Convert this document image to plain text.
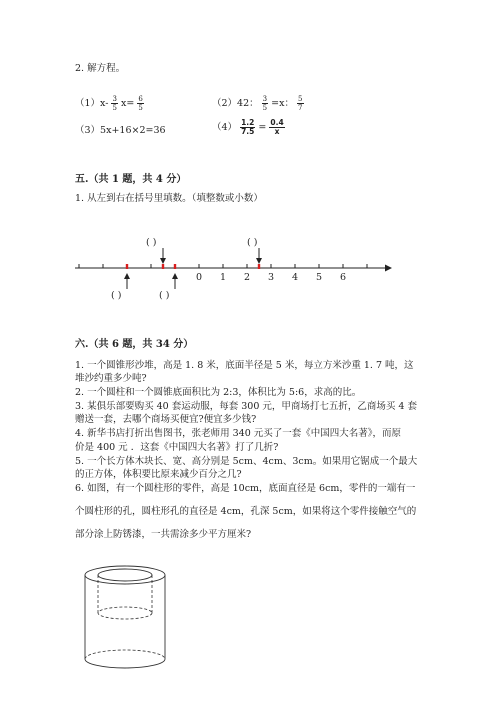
2. 解方程。
$(1)x- \frac{3}{5} x= \frac{6}{5}$	（2）42： $\frac{3}{5} =x$： $\frac{5}{7}$
（3）5x+16×2=36	$(4) \frac{1.2}{7.5} = \frac{0.4}{x}$
五.（共 1 题，共 4 分）
1. 从左到右在括号里填数。（填整数或小数）
( )	( )
( )	( )
0 1 2 3 4 5 6
六.（共 6 题，共 34 分）
1. 一个圆锥形沙堆，高是 1. 8 米，底面半径是 5 米，每立方米沙重 1. 7 吨，这
堆沙约重多少吨?
2. 一个圆柱和一个圆锥底面积比为 2:3，体积比为 5:6，求高的比。
3. 某俱乐部要购买 40 套运动服，每套 300 元，甲商场打七五折，乙商场买 4 套
赠送一套，去哪个商场买便宜?便宜多少钱?
4. 新华书店打折出售图书，张老师用 340 元买了一套《中国四大名著》，而原
价是 400 元 ．这套《中国四大名著》打了几折?
5. 一个长方体木块长、宽、高分别是 5cm、4cm、3cm。如果用它锯成一个最大
的正方体，体积要比原来减少百分之几?
6. 如图，有一个圆柱形的零件，高是 10cm，底面直径是 6cm，零件的一端有一
个圆柱形的孔，圆柱形孔的直径是 4cm，孔深 5cm，如果将这个零件接触空气的
部分涂上防锈漆，一共需涂多少平方厘米?
